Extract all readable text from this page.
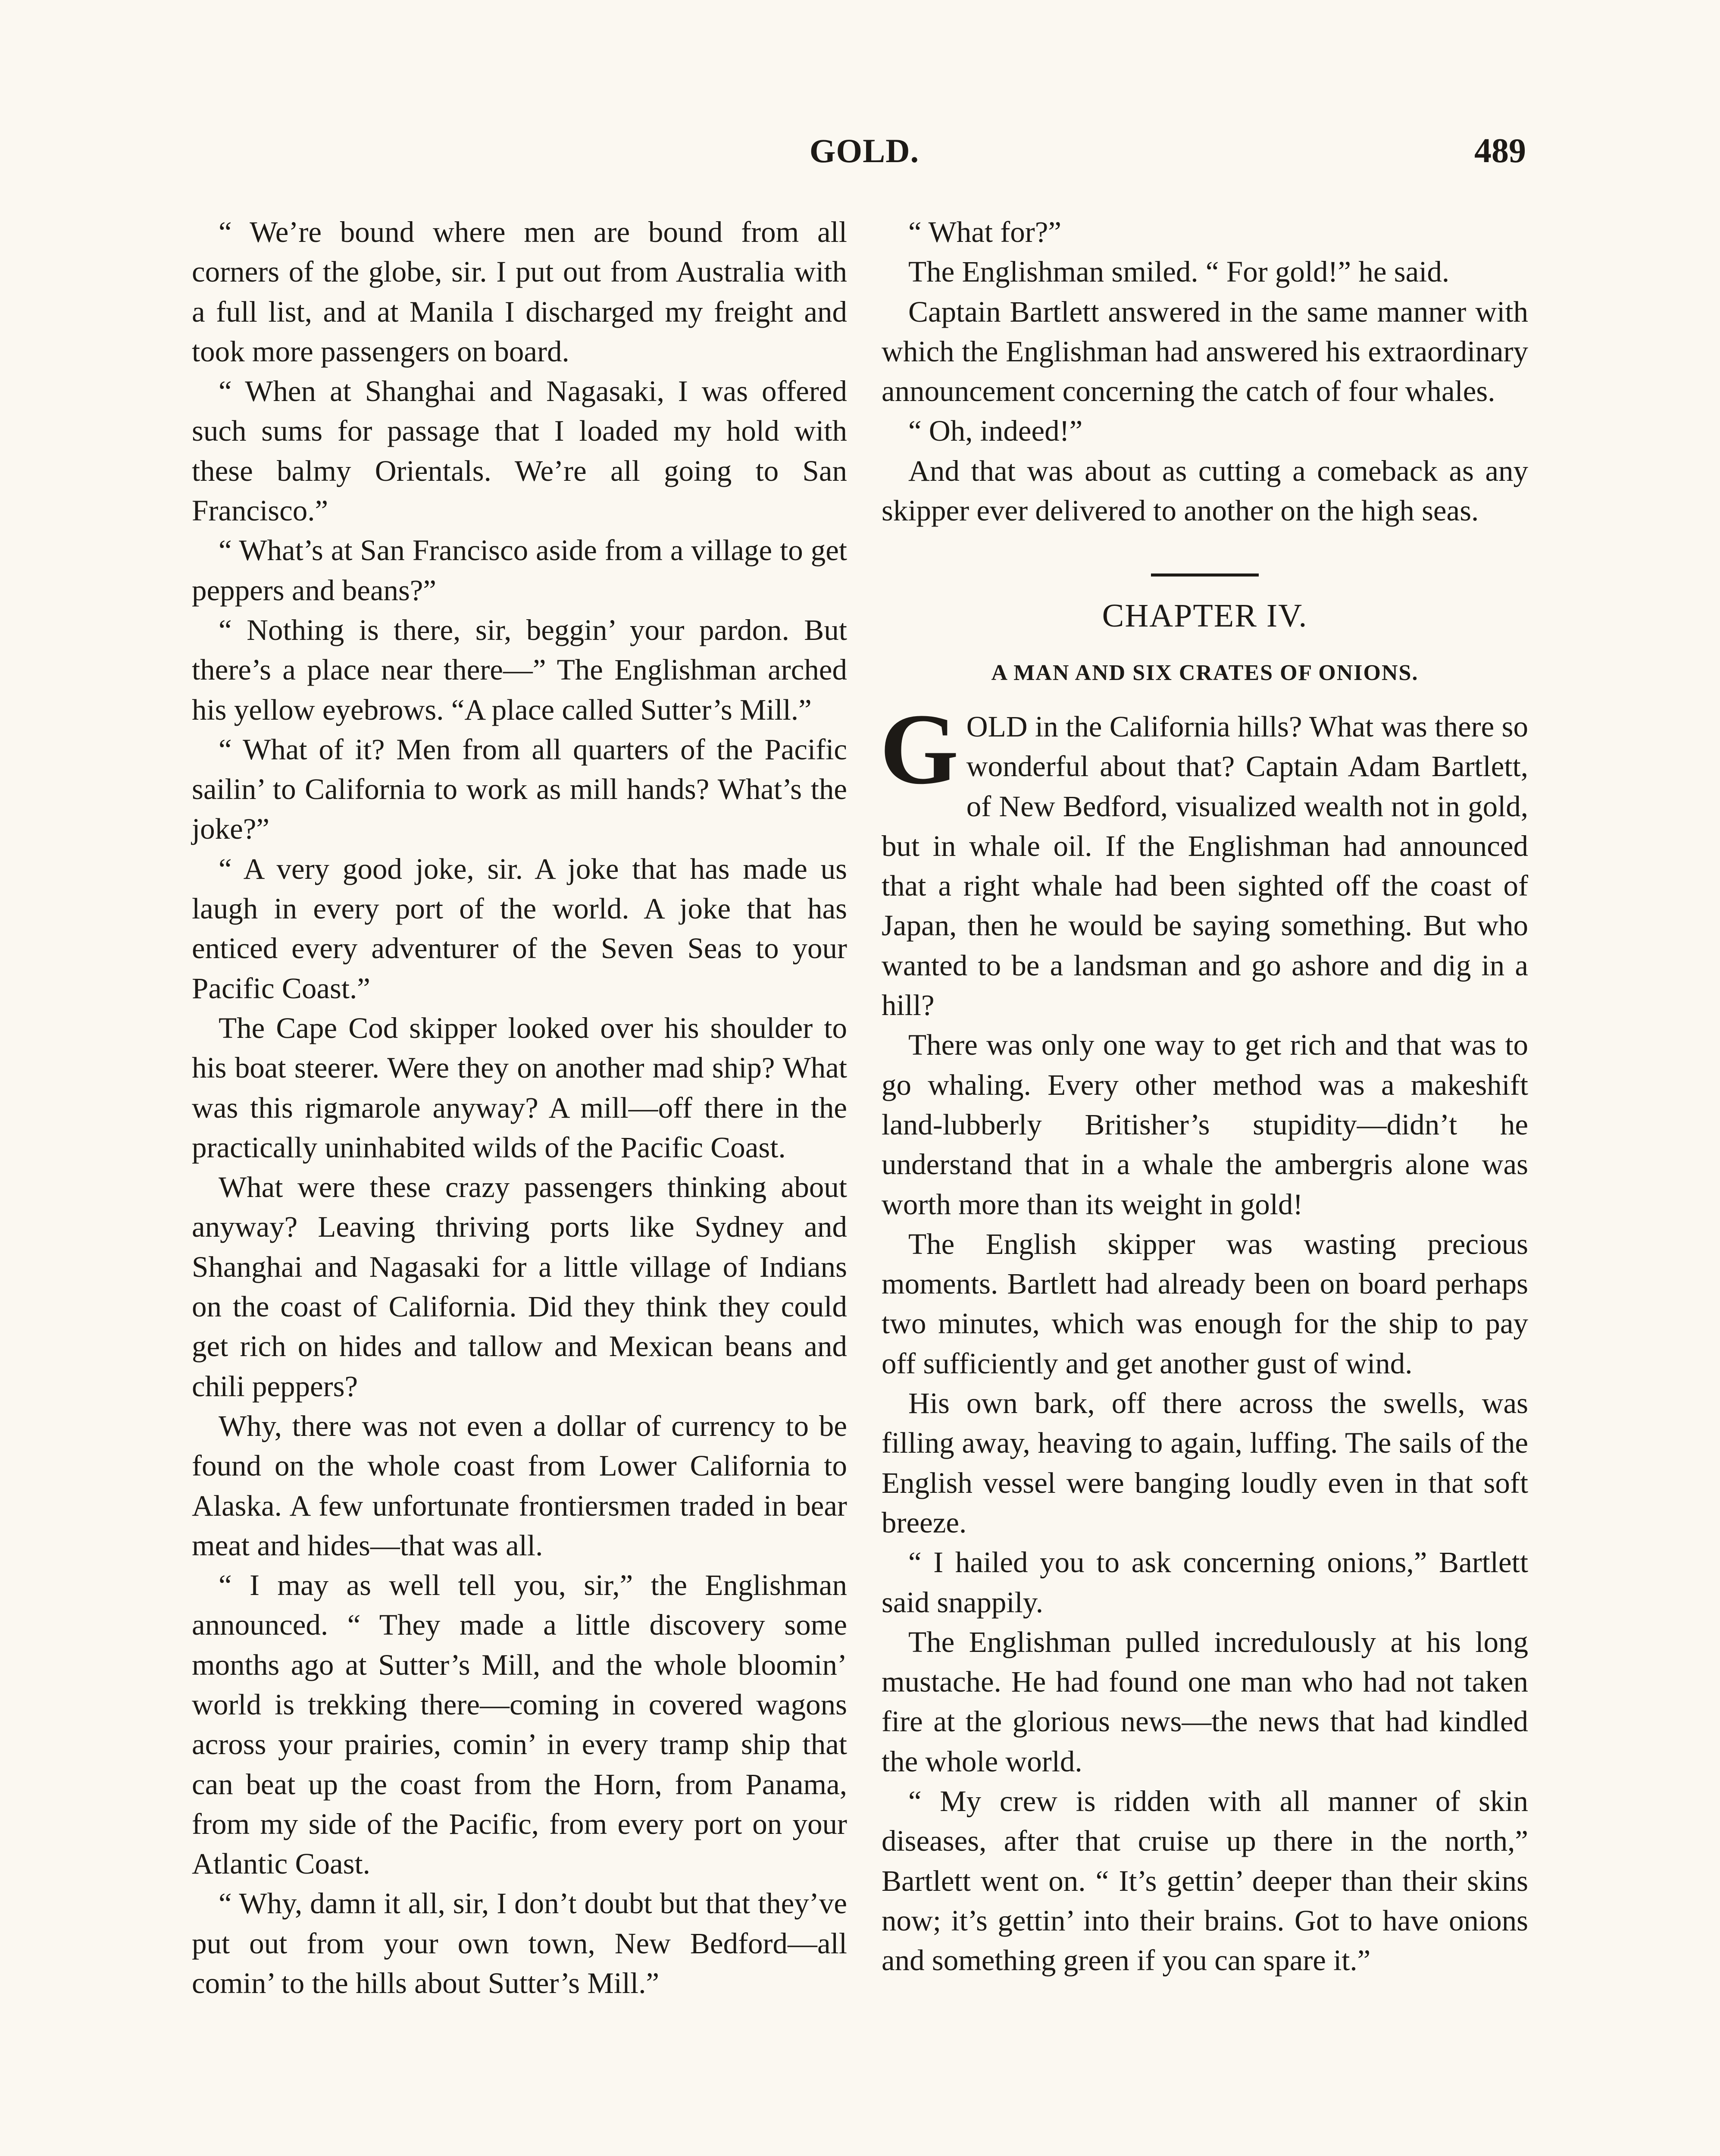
GOLD.	489

“ We’re bound where men are bound from all corners of the globe, sir. I put out from Australia with a full list, and at Manila I discharged my freight and took more passengers on board.

“ When at Shanghai and Nagasaki, I was offered such sums for passage that I loaded my hold with these balmy Orientals. We’re all going to San Francisco.”

“ What’s at San Francisco aside from a village to get peppers and beans?”

“ Nothing is there, sir, beggin’ your pardon. But there’s a place near there—” The Englishman arched his yellow eyebrows. “A place called Sutter’s Mill.”

“ What of it? Men from all quarters of the Pacific sailin’ to California to work as mill hands? What’s the joke?”

“ A very good joke, sir. A joke that has made us laugh in every port of the world. A joke that has enticed every adventurer of the Seven Seas to your Pacific Coast.”

The Cape Cod skipper looked over his shoulder to his boat steerer. Were they on another mad ship? What was this rigmarole anyway? A mill—off there in the practically uninhabited wilds of the Pacific Coast.

What were these crazy passengers thinking about anyway? Leaving thriving ports like Sydney and Shanghai and Nagasaki for a little village of Indians on the coast of California. Did they think they could get rich on hides and tallow and Mexican beans and chili peppers?

Why, there was not even a dollar of currency to be found on the whole coast from Lower California to Alaska. A few unfortunate frontiersmen traded in bear meat and hides—that was all.

“ I may as well tell you, sir,” the Englishman announced. “ They made a little discovery some months ago at Sutter’s Mill, and the whole bloomin’ world is trekking there—coming in covered wagons across your prairies, comin’ in every tramp ship that can beat up the coast from the Horn, from Panama, from my side of the Pacific, from every port on your Atlantic Coast.

“ Why, damn it all, sir, I don’t doubt but that they’ve put out from your own town, New Bedford—all comin’ to the hills about Sutter’s Mill.”

“ What for?”

The Englishman smiled. “ For gold!” he said.

Captain Bartlett answered in the same manner with which the Englishman had answered his extraordinary announcement concerning the catch of four whales.

“ Oh, indeed!”

And that was about as cutting a comeback as any skipper ever delivered to another on the high seas.

CHAPTER IV.
A MAN AND SIX CRATES OF ONIONS.

GOLD in the California hills? What was there so wonderful about that? Captain Adam Bartlett, of New Bedford, visualized wealth not in gold, but in whale oil. If the Englishman had announced that a right whale had been sighted off the coast of Japan, then he would be saying something. But who wanted to be a landsman and go ashore and dig in a hill?

There was only one way to get rich and that was to go whaling. Every other method was a makeshift land-lubberly Britisher’s stupidity—didn’t he understand that in a whale the ambergris alone was worth more than its weight in gold!

The English skipper was wasting precious moments. Bartlett had already been on board perhaps two minutes, which was enough for the ship to pay off sufficiently and get another gust of wind.

His own bark, off there across the swells, was filling away, heaving to again, luffing. The sails of the English vessel were banging loudly even in that soft breeze.

“ I hailed you to ask concerning onions,” Bartlett said snappily.

The Englishman pulled incredulously at his long mustache. He had found one man who had not taken fire at the glorious news—the news that had kindled the whole world.

“ My crew is ridden with all manner of skin diseases, after that cruise up there in the north,” Bartlett went on. “ It’s gettin’ deeper than their skins now; it’s gettin’ into their brains. Got to have onions and something green if you can spare it.”
